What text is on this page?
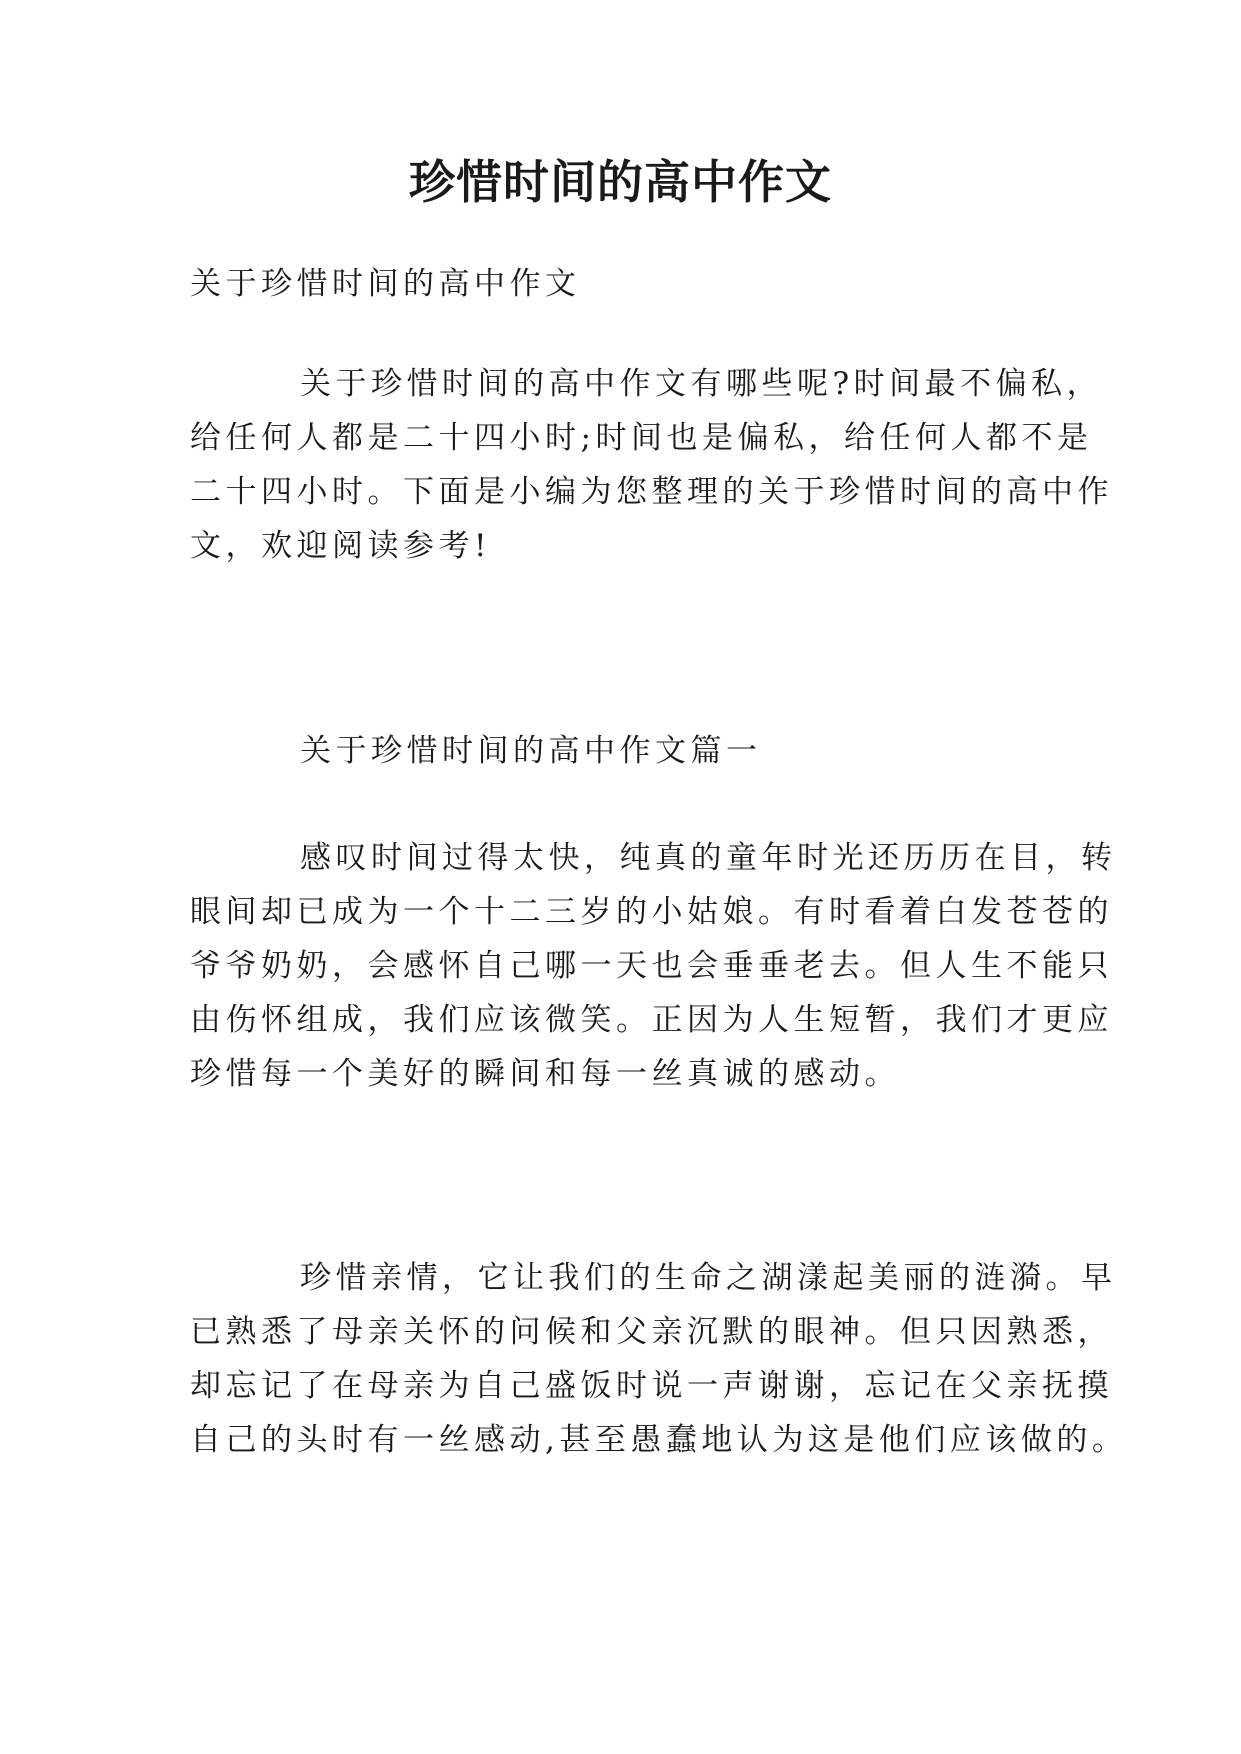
珍惜时间的高中作文
关于珍惜时间的高中作文
关于珍惜时间的高中作文有哪些呢?时间最不偏私，
给任何人都是二十四小时;时间也是偏私，给任何人都不是
二十四小时。下面是小编为您整理的关于珍惜时间的高中作
文，欢迎阅读参考!
关于珍惜时间的高中作文篇一
感叹时间过得太快，纯真的童年时光还历历在目，转
眼间却已成为一个十二三岁的小姑娘。有时看着白发苍苍的
爷爷奶奶，会感怀自己哪一天也会垂垂老去。但人生不能只
由伤怀组成，我们应该微笑。正因为人生短暂，我们才更应
珍惜每一个美好的瞬间和每一丝真诚的感动。
珍惜亲情，它让我们的生命之湖漾起美丽的涟漪。早
已熟悉了母亲关怀的问候和父亲沉默的眼神。但只因熟悉，
却忘记了在母亲为自己盛饭时说一声谢谢，忘记在父亲抚摸
自己的头时有一丝感动,甚至愚蠢地认为这是他们应该做的。
